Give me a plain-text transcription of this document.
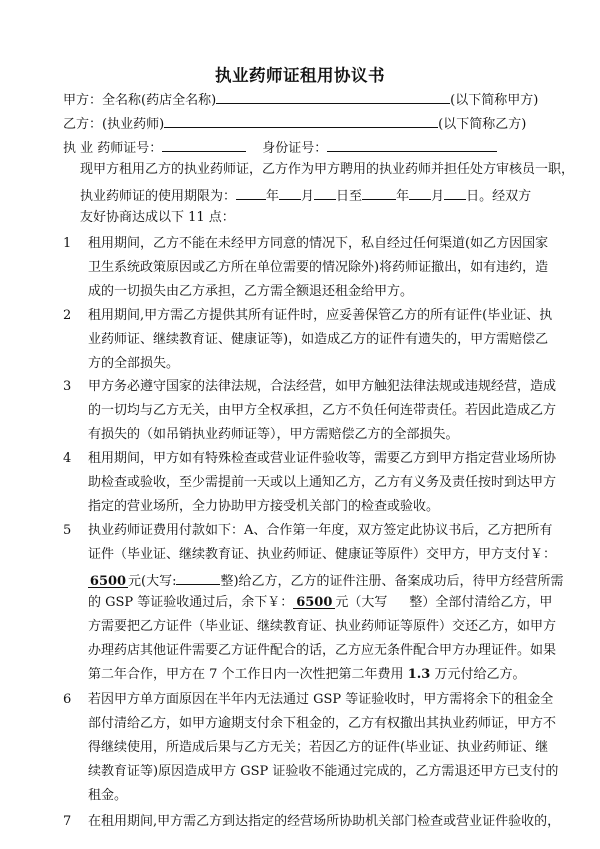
执业药师证租用协议书
甲方：全名称(药店全名称)	(以下简称甲方)
乙方：(执业药师)	(以下简称乙方)
执 业 药师证号：	身份证号：
现甲方租用乙方的执业药师证，乙方作为甲方聘用的执业药师并担任处方审核员一职，
执业药师证的使用期限为： 年 月 日至	年 月 日。经双方
友好协商达成以下 11 点：
1 租用期间，乙方不能在未经甲方同意的情况下，私自经过任何渠道(如乙方因国家
卫生系统政策原因或乙方所在单位需要的情况除外)将药师证撤出，如有违约，造
成的一切损失由乙方承担，乙方需全额退还租金给甲方。
2 租用期间,甲方需乙方提供其所有证件时，应妥善保管乙方的所有证件(毕业证、执
业药师证、继续教育证、健康证等)，如造成乙方的证件有遗失的，甲方需赔偿乙
方的全部损失。
3 甲方务必遵守国家的法律法规，合法经营，如甲方触犯法律法规或违规经营，造成
的一切均与乙方无关，由甲方全权承担，乙方不负任何连带责任。若因此造成乙方
有损失的（如吊销执业药师证等），甲方需赔偿乙方的全部损失。
4 租用期间，甲方如有特殊检查或营业证件验收等，需要乙方到甲方指定营业场所协
助检查或验收，至少需提前一天或以上通知乙方，乙方有义务及责任按时到达甲方
指定的营业场所，全力协助甲方接受机关部门的检查或验收。
5 执业药师证费用付款如下：A、合作第一年度，双方签定此协议书后，乙方把所有
证件（毕业证、继续教育证、执业药师证、健康证等原件）交甲方，甲方支付￥：
6500 元(大写:	整)给乙方，乙方的证件注册、备案成功后，待甲方经营所需
的 GSP 等证验收通过后，余下￥： 6500 元（大写 整）全部付清给乙方，甲
方需要把乙方证件（毕业证、继续教育证、执业药师证等原件）交还乙方，如甲方
办理药店其他证件需要乙方证件配合的话，乙方应无条件配合甲方办理证件。如果
第二年合作，甲方在 7 个工作日内一次性把第二年费用 1.3 万元付给乙方。
6 若因甲方单方面原因在半年内无法通过 GSP 等证验收时，甲方需将余下的租金全
部付清给乙方，如甲方逾期支付余下租金的，乙方有权撤出其执业药师证，甲方不
得继续使用，所造成后果与乙方无关；若因乙方的证件(毕业证、执业药师证、继
续教育证等)原因造成甲方 GSP 证验收不能通过完成的，乙方需退还甲方已支付的
租金。
7 在租用期间,甲方需乙方到达指定的经营场所协助机关部门检查或营业证件验收的，
